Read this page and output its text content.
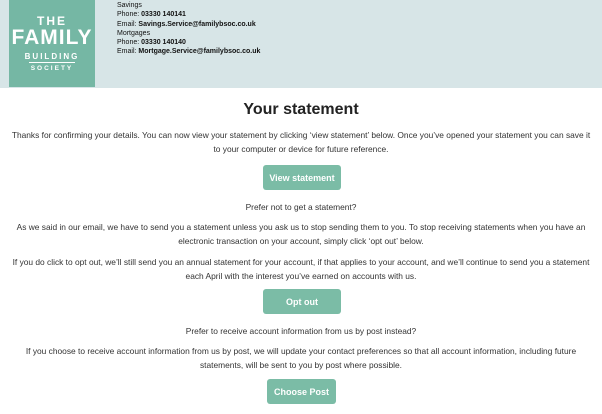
THE
FAMILY
BUILDING
SOCIETY
Savings
Phone: 03330 140141
Email: Savings.Service@familybsoc.co.uk
Mortgages
Phone: 03330 140140
Email: Mortgage.Service@familybsoc.co.uk
Your statement
Thanks for confirming your details. You can now view your statement by clicking ‘view statement’ below. Once you’ve opened your statement you can save it to your computer or device for future reference.
View statement
Prefer not to get a statement?
As we said in our email, we have to send you a statement unless you ask us to stop sending them to you. To stop receiving statements when you have an electronic transaction on your account, simply click ‘opt out’ below.
If you do click to opt out, we’ll still send you an annual statement for your account, if that applies to your account, and we’ll continue to send you a statement each April with the interest you’ve earned on accounts with us.
Opt out
Prefer to receive account information from us by post instead?
If you choose to receive account information from us by post, we will update your contact preferences so that all account information, including future statements, will be sent to you by post where possible.
Choose Post
